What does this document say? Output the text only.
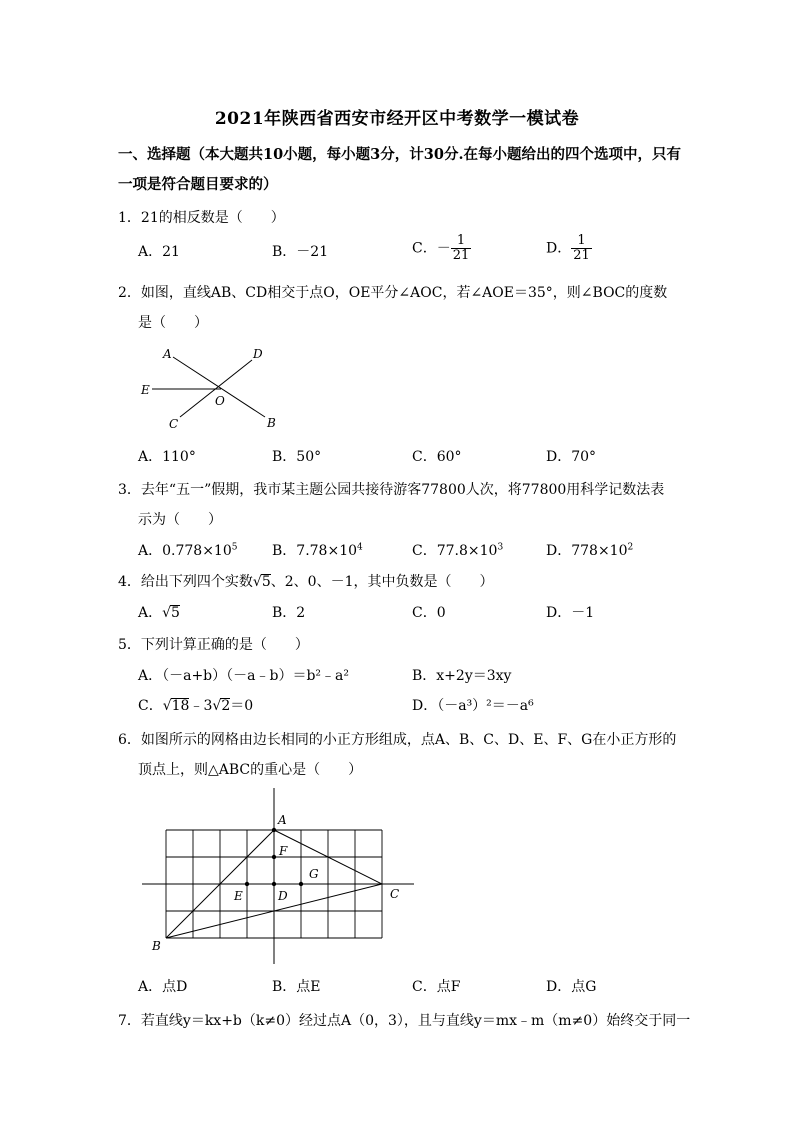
2021年陕西省西安市经开区中考数学一模试卷
一、选择题（本大题共10小题，每小题3分，计30分.在每小题给出的四个选项中，只有
一项是符合题目要求的）
1．21的相反数是（　　）
A．21	B．－21	C．－ $\frac{1}{21}$	D． $\frac{1}{21}$
2．如图，直线AB、CD相交于点O，OE平分∠AOC，若∠AOE＝35°，则∠BOC的度数
是（　　）
A	D
E
O
C	B
A．110°	B．50°	C．60°	D．70°
3．去年“五一”假期，我市某主题公园共接待游客77800人次，将77800用科学记数法表
示为（　　）
A．$0.778\times 10^5$ B．$7.78\times 10^4$	C．$77.8\times 10^3$	D．$778\times 10^2$
4．给出下列四个实数√5、2、0、－1，其中负数是（　　）
A．√5	B．2	C．0	D．－1
5．下列计算正确的是（　　）
A．（－a+b）（－a﹣b）＝b²﹣a²	B．x+2y＝3xy
C．√18﹣3√2＝0	D．（－a³）²＝－a⁶
6．如图所示的网格由边长相同的小正方形组成，点A、B、C、D、E、F、G在小正方形的
顶点上，则△ABC的重心是（　　）
A
F
G
E	D	C
B
A．点D	B．点E	C．点F	D．点G
7．若直线y＝kx+b（k≠0）经过点A（0，3），且与直线y＝mx﹣m（m≠0）始终交于同一
